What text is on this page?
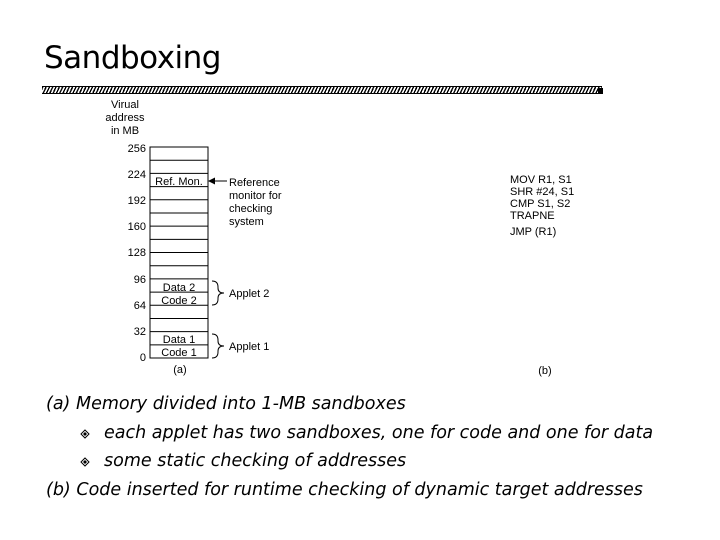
Sandboxing
Virual
address
in MB
256
224
192
160
128
96
64
32
0
Ref. Mon.
Data 2
Code 2
Data 1
Code 1
Reference
monitor for
checking
system
Applet 2
Applet 1
(a)	(b)
MOV R1, S1
SHR #24, S1
CMP S1, S2
TRAPNE
JMP (R1)
(a) Memory divided into 1-MB sandboxes
each applet has two sandboxes, one for code and one for data
some static checking of addresses
(b) Code inserted for runtime checking of dynamic target addresses
